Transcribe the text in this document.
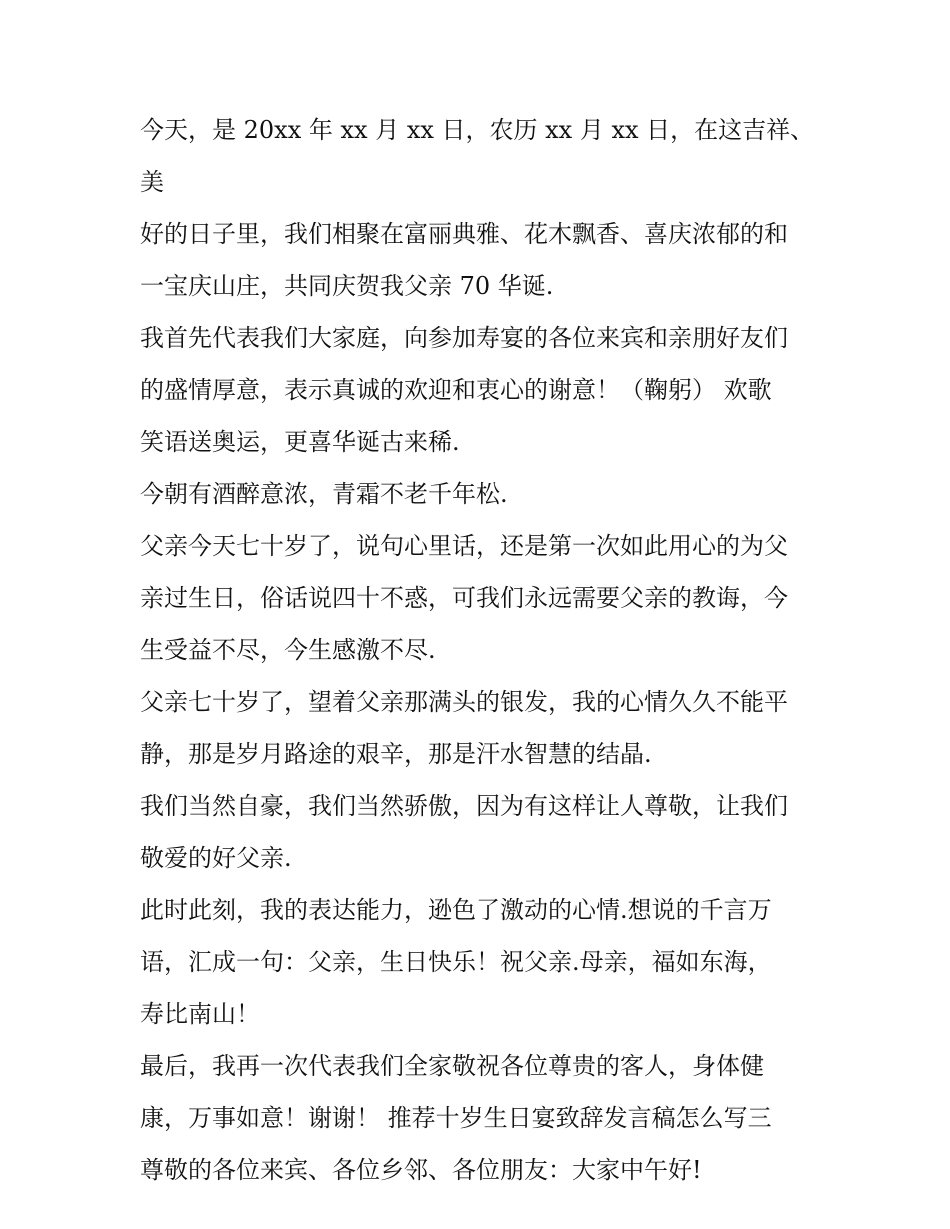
今天，是 20xx 年 xx 月 xx 日，农历 xx 月 xx 日，在这吉祥、美
好的日子里，我们相聚在富丽典雅、花木飘香、喜庆浓郁的和
一宝庆山庄，共同庆贺我父亲 70 华诞.
我首先代表我们大家庭，向参加寿宴的各位来宾和亲朋好友们
的盛情厚意，表示真诚的欢迎和衷心的谢意！（鞠躬） 欢歌
笑语送奥运，更喜华诞古来稀.
今朝有酒醉意浓，青霜不老千年松.
父亲今天七十岁了，说句心里话，还是第一次如此用心的为父
亲过生日，俗话说四十不惑，可我们永远需要父亲的教诲，今
生受益不尽，今生感激不尽.
父亲七十岁了，望着父亲那满头的银发，我的心情久久不能平
静，那是岁月路途的艰辛，那是汗水智慧的结晶.
我们当然自豪，我们当然骄傲，因为有这样让人尊敬，让我们
敬爱的好父亲.
此时此刻，我的表达能力，逊色了激动的心情.想说的千言万
语，汇成一句：父亲，生日快乐！祝父亲.母亲，福如东海，
寿比南山！
最后，我再一次代表我们全家敬祝各位尊贵的客人，身体健
康，万事如意！谢谢！ 推荐十岁生日宴致辞发言稿怎么写三
尊敬的各位来宾、各位乡邻、各位朋友：大家中午好!
